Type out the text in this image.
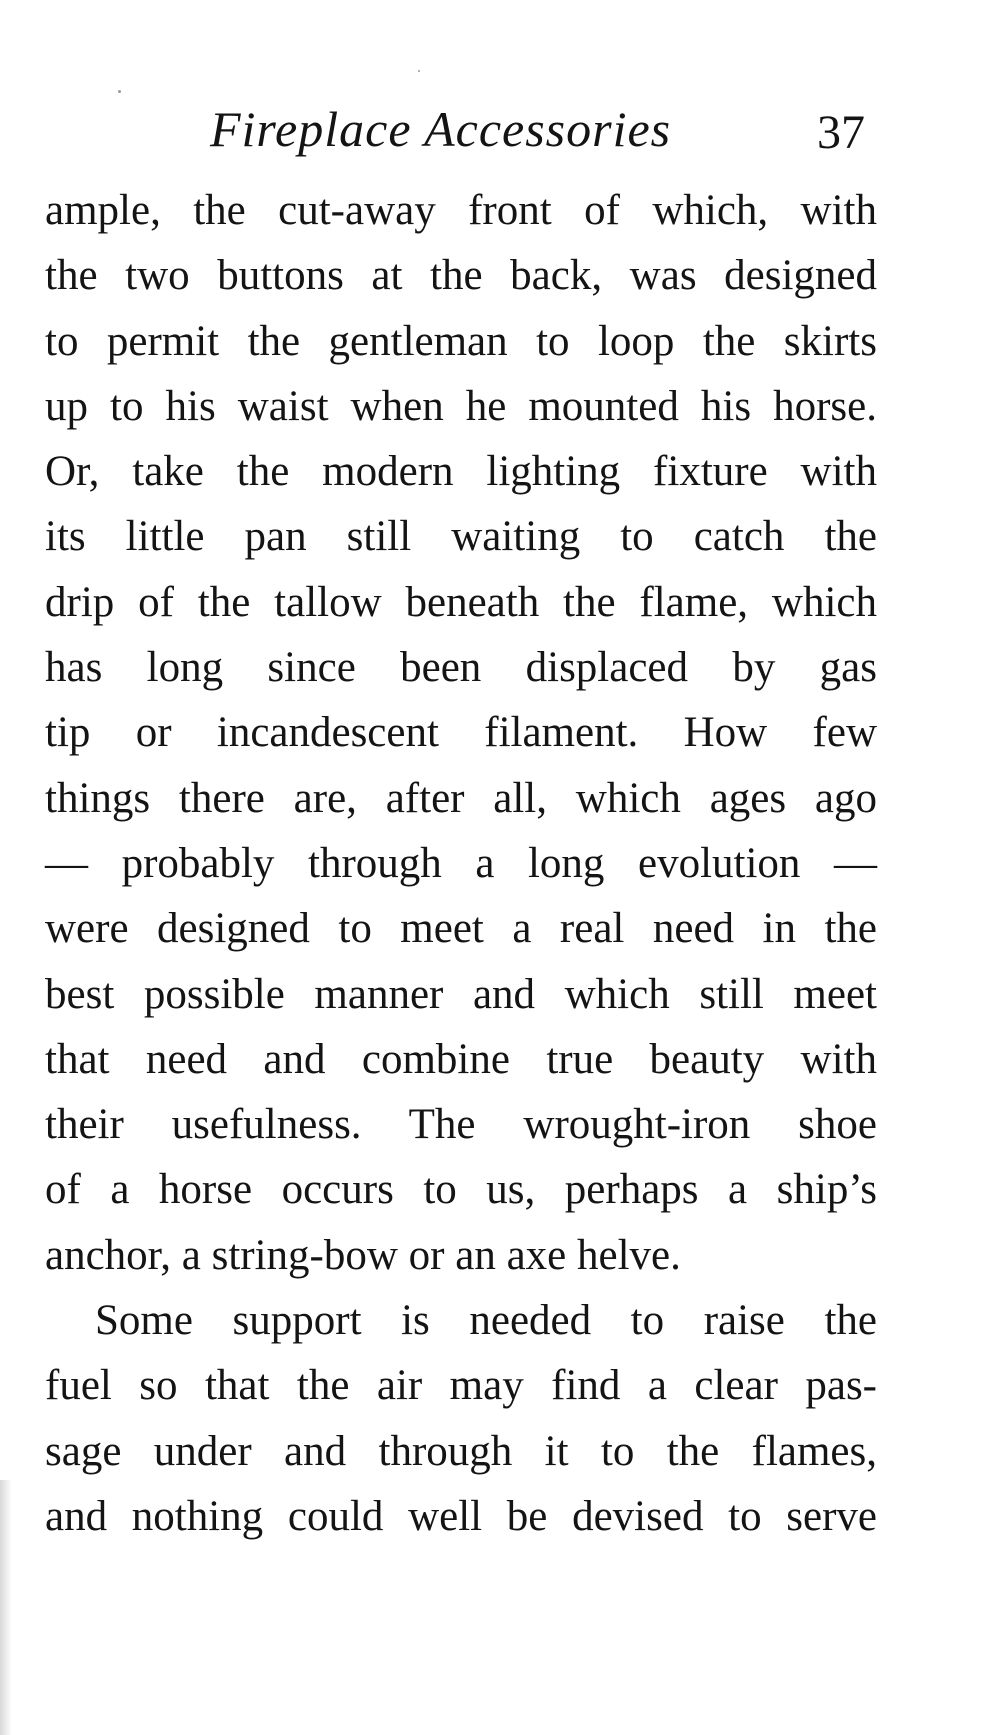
Fireplace Accessories	37
ample, the cut-away front of which, with
the two buttons at the back, was designed
to permit the gentleman to loop the skirts
up to his waist when he mounted his horse.
Or, take the modern lighting fixture with
its little pan still waiting to catch the
drip of the tallow beneath the flame, which
has long since been displaced by gas
tip or incandescent filament. How few
things there are, after all, which ages ago
— probably through a long evolution —
were designed to meet a real need in the
best possible manner and which still meet
that need and combine true beauty with
their usefulness. The wrought-iron shoe
of a horse occurs to us, perhaps a ship’s
anchor, a string-bow or an axe helve.
Some support is needed to raise the
fuel so that the air may find a clear pas-
sage under and through it to the flames,
and nothing could well be devised to serve
